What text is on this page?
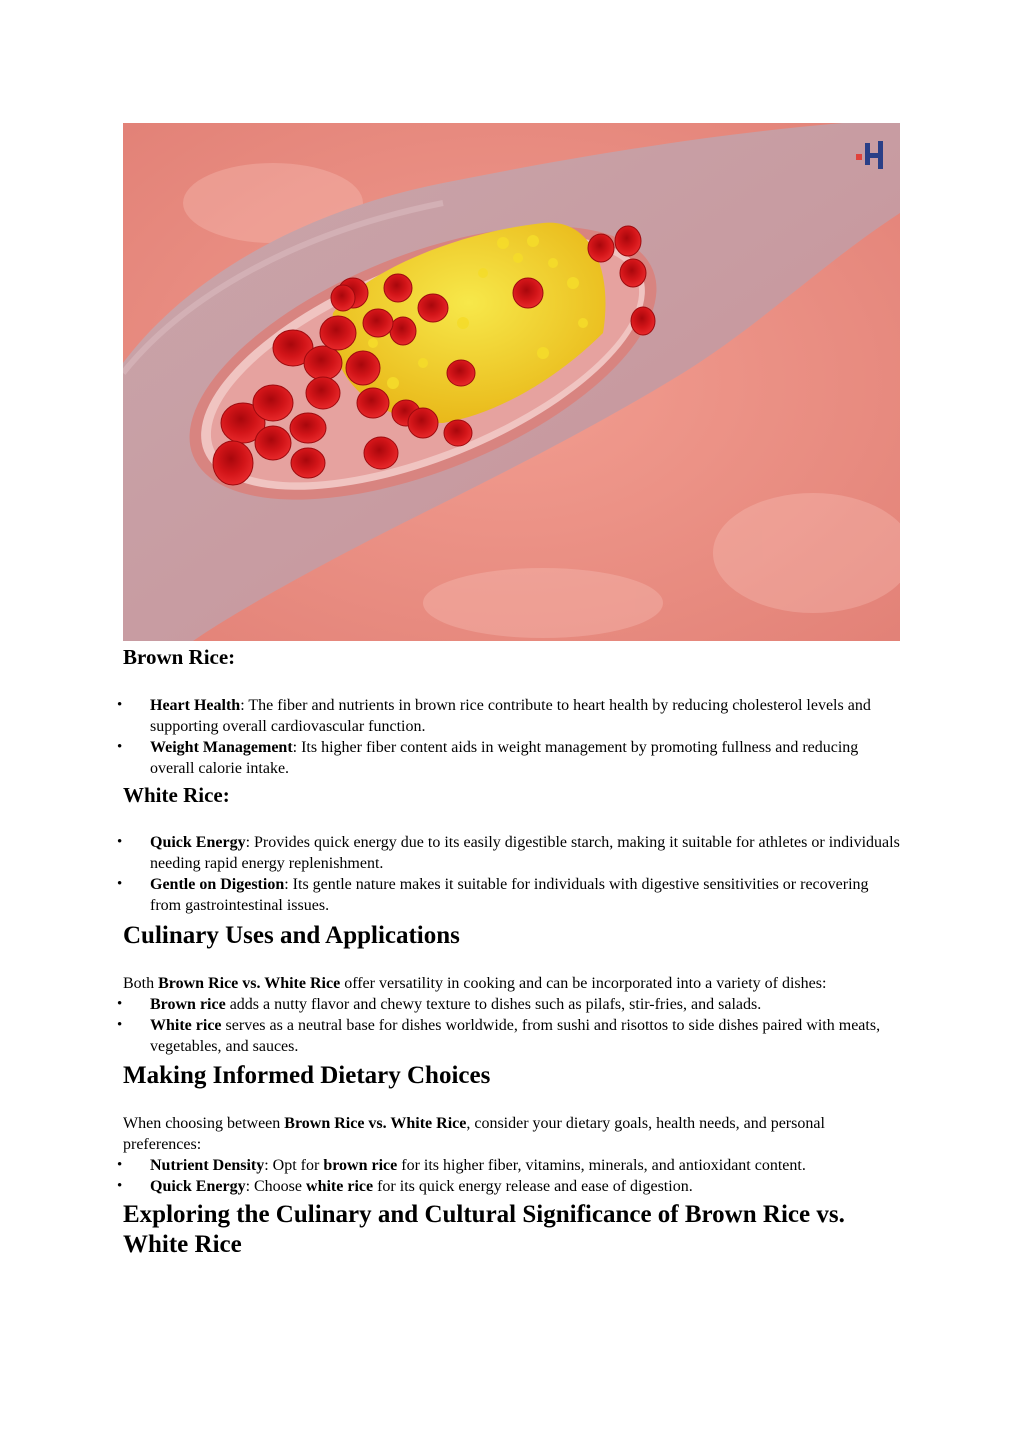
Brown Rice:
• Heart Health: The fiber and nutrients in brown rice contribute to heart health by reducing cholesterol levels and supporting overall cardiovascular function.
• Weight Management: Its higher fiber content aids in weight management by promoting fullness and reducing overall calorie intake.
White Rice:
• Quick Energy: Provides quick energy due to its easily digestible starch, making it suitable for athletes or individuals needing rapid energy replenishment.
• Gentle on Digestion: Its gentle nature makes it suitable for individuals with digestive sensitivities or recovering from gastrointestinal issues.
Culinary Uses and Applications

Both Brown Rice vs. White Rice offer versatility in cooking and can be incorporated into a variety of dishes:

• Brown rice adds a nutty flavor and chewy texture to dishes such as pilafs, stir-fries, and salads.
• White rice serves as a neutral base for dishes worldwide, from sushi and risottos to side dishes paired with meats, vegetables, and sauces.
Making Informed Dietary Choices

When choosing between Brown Rice vs. White Rice, consider your dietary goals, health needs, and personal preferences:

• Nutrient Density: Opt for brown rice for its higher fiber, vitamins, minerals, and antioxidant content.
• Quick Energy: Choose white rice for its quick energy release and ease of digestion.
Exploring the Culinary and Cultural Significance of Brown Rice vs. White Rice
